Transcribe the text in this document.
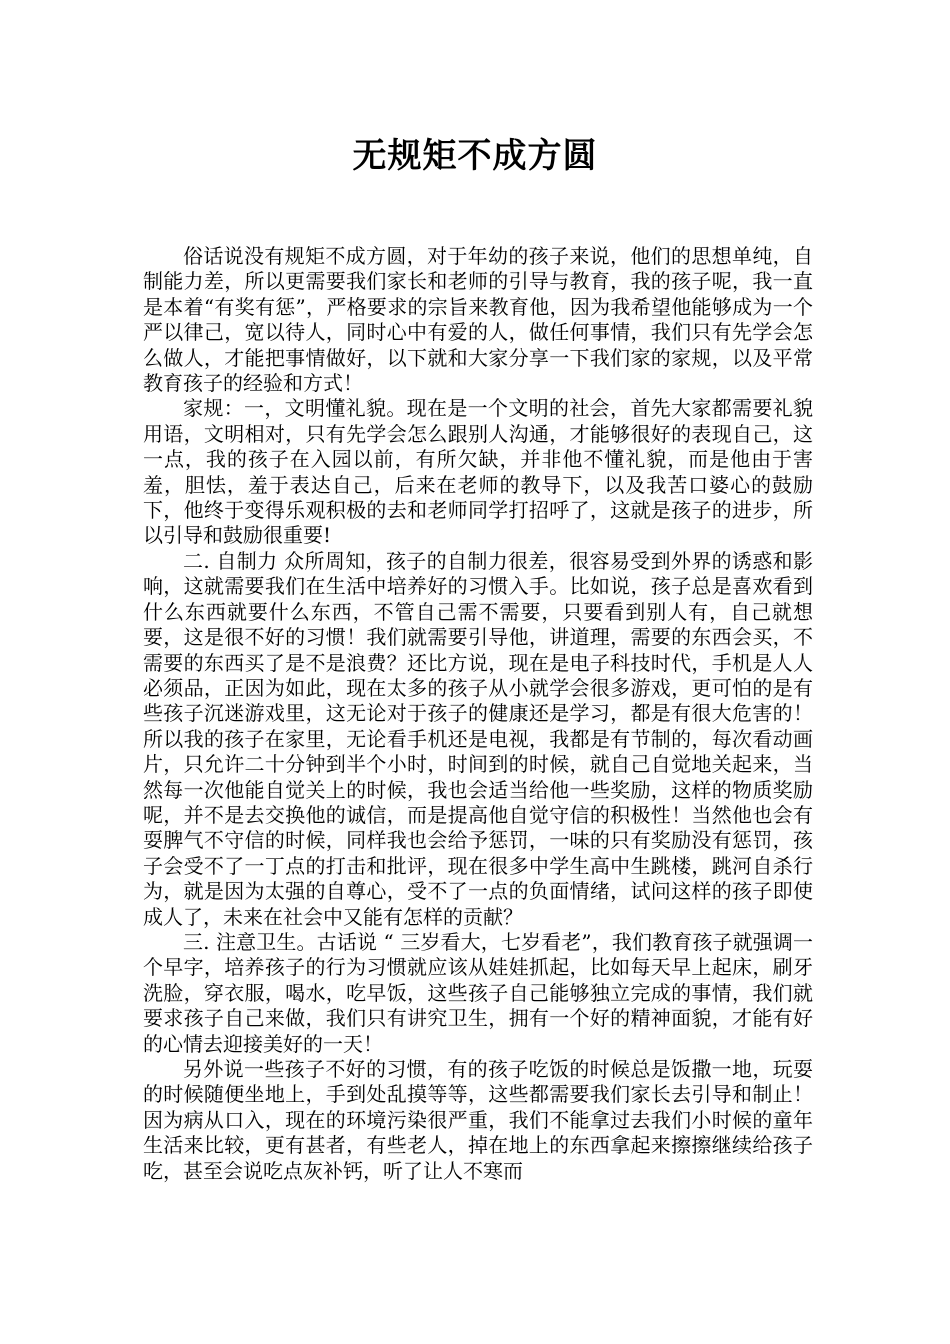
无规矩不成方圆

俗话说没有规矩不成方圆，对于年幼的孩子来说，他们的思想单纯，自制能力差，所以更需要我们家长和老师的引导与教育，我的孩子呢，我一直是本着“有奖有惩”，严格要求的宗旨来教育他，因为我希望他能够成为一个严以律己，宽以待人，同时心中有爱的人，做任何事情，我们只有先学会怎么做人，才能把事情做好，以下就和大家分享一下我们家的家规，以及平常 教育孩子的经验和方式！

家规：一，文明懂礼貌。现在是一个文明的社会，首先大家都需要礼貌用语，文明相对，只有先学会怎么跟别人沟通，才能够很好的表现自己，这一点，我的孩子在入园以前，有所欠缺，并非他不懂礼貌，而是他由于害羞，胆怯，羞于表达自己，后来在老师的教导下，以及我苦口婆心的鼓励下，他终于变得乐观积极的去和老师同学打招呼了，这就是孩子的进步，所以引导和鼓励很重要!

二. 自制力 众所周知，孩子的自制力很差，很容易受到外界的诱惑和影响，这就需要我们在生活中培养好的习惯入手。比如说，孩子总是喜欢看到什么东西就要什么东西，不管自己需不需要，只要看到别人有，自己就想要，这是很不好的习惯！我们就需要引导他，讲道理，需要的东西会买，不需要的东西买了是不是浪费？还比方说，现在是电子科技时代，手机是人人必须品，正因为如此，现在太多的孩子从小就学会很多游戏，更可怕的是有些孩子沉迷游戏里，这无论对于孩子的健康还是学习，都是有很大危害的！所以我的孩子在家里，无论看手机还是电视，我都是有节制的，每次看动画片，只允许二十分钟到半个小时，时间到的时候，就自己自觉地关起来，当然每一次他能自觉关上的时候，我也会适当给他一些奖励，这样的物质奖励呢，并不是去交换他的诚信，而是提高他自觉守信的积极性！当然他也会有耍脾气不守信的时候，同样我也会给予惩罚，一味的只有奖励没有惩罚，孩子会受不了一丁点的打击和批评，现在很多中学生高中生跳楼，跳河自杀行为，就是因为太强的自尊心，受不了一点的负面情绪，试问这样的孩子即使成人了，未来在社会中又能有怎样的贡献？

三. 注意卫生。古话说 “ 三岁看大，七岁看老”，我们教育孩子就强调一个早字，培养孩子的行为习惯就应该从娃娃抓起，比如每天早上起床，刷牙洗脸，穿衣服，喝水，吃早饭，这些孩子自己能够独立完成的事情，我们就要求孩子自己来做，我们只有讲究卫生，拥有一个好的精神面貌，才能有好的心情去迎接美好的一天！

另外说一些孩子不好的习惯，有的孩子吃饭的时候总是饭撒一地，玩耍的时候随便坐地上，手到处乱摸等等，这些都需要我们家长去引导和制止！因为病从口入，现在的环境污染很严重，我们不能拿过去我们小时候的童年生活来比较，更有甚者，有些老人，掉在地上的东西拿起来擦擦继续给孩子吃，甚至会说吃点灰补钙，听了让人不寒而
